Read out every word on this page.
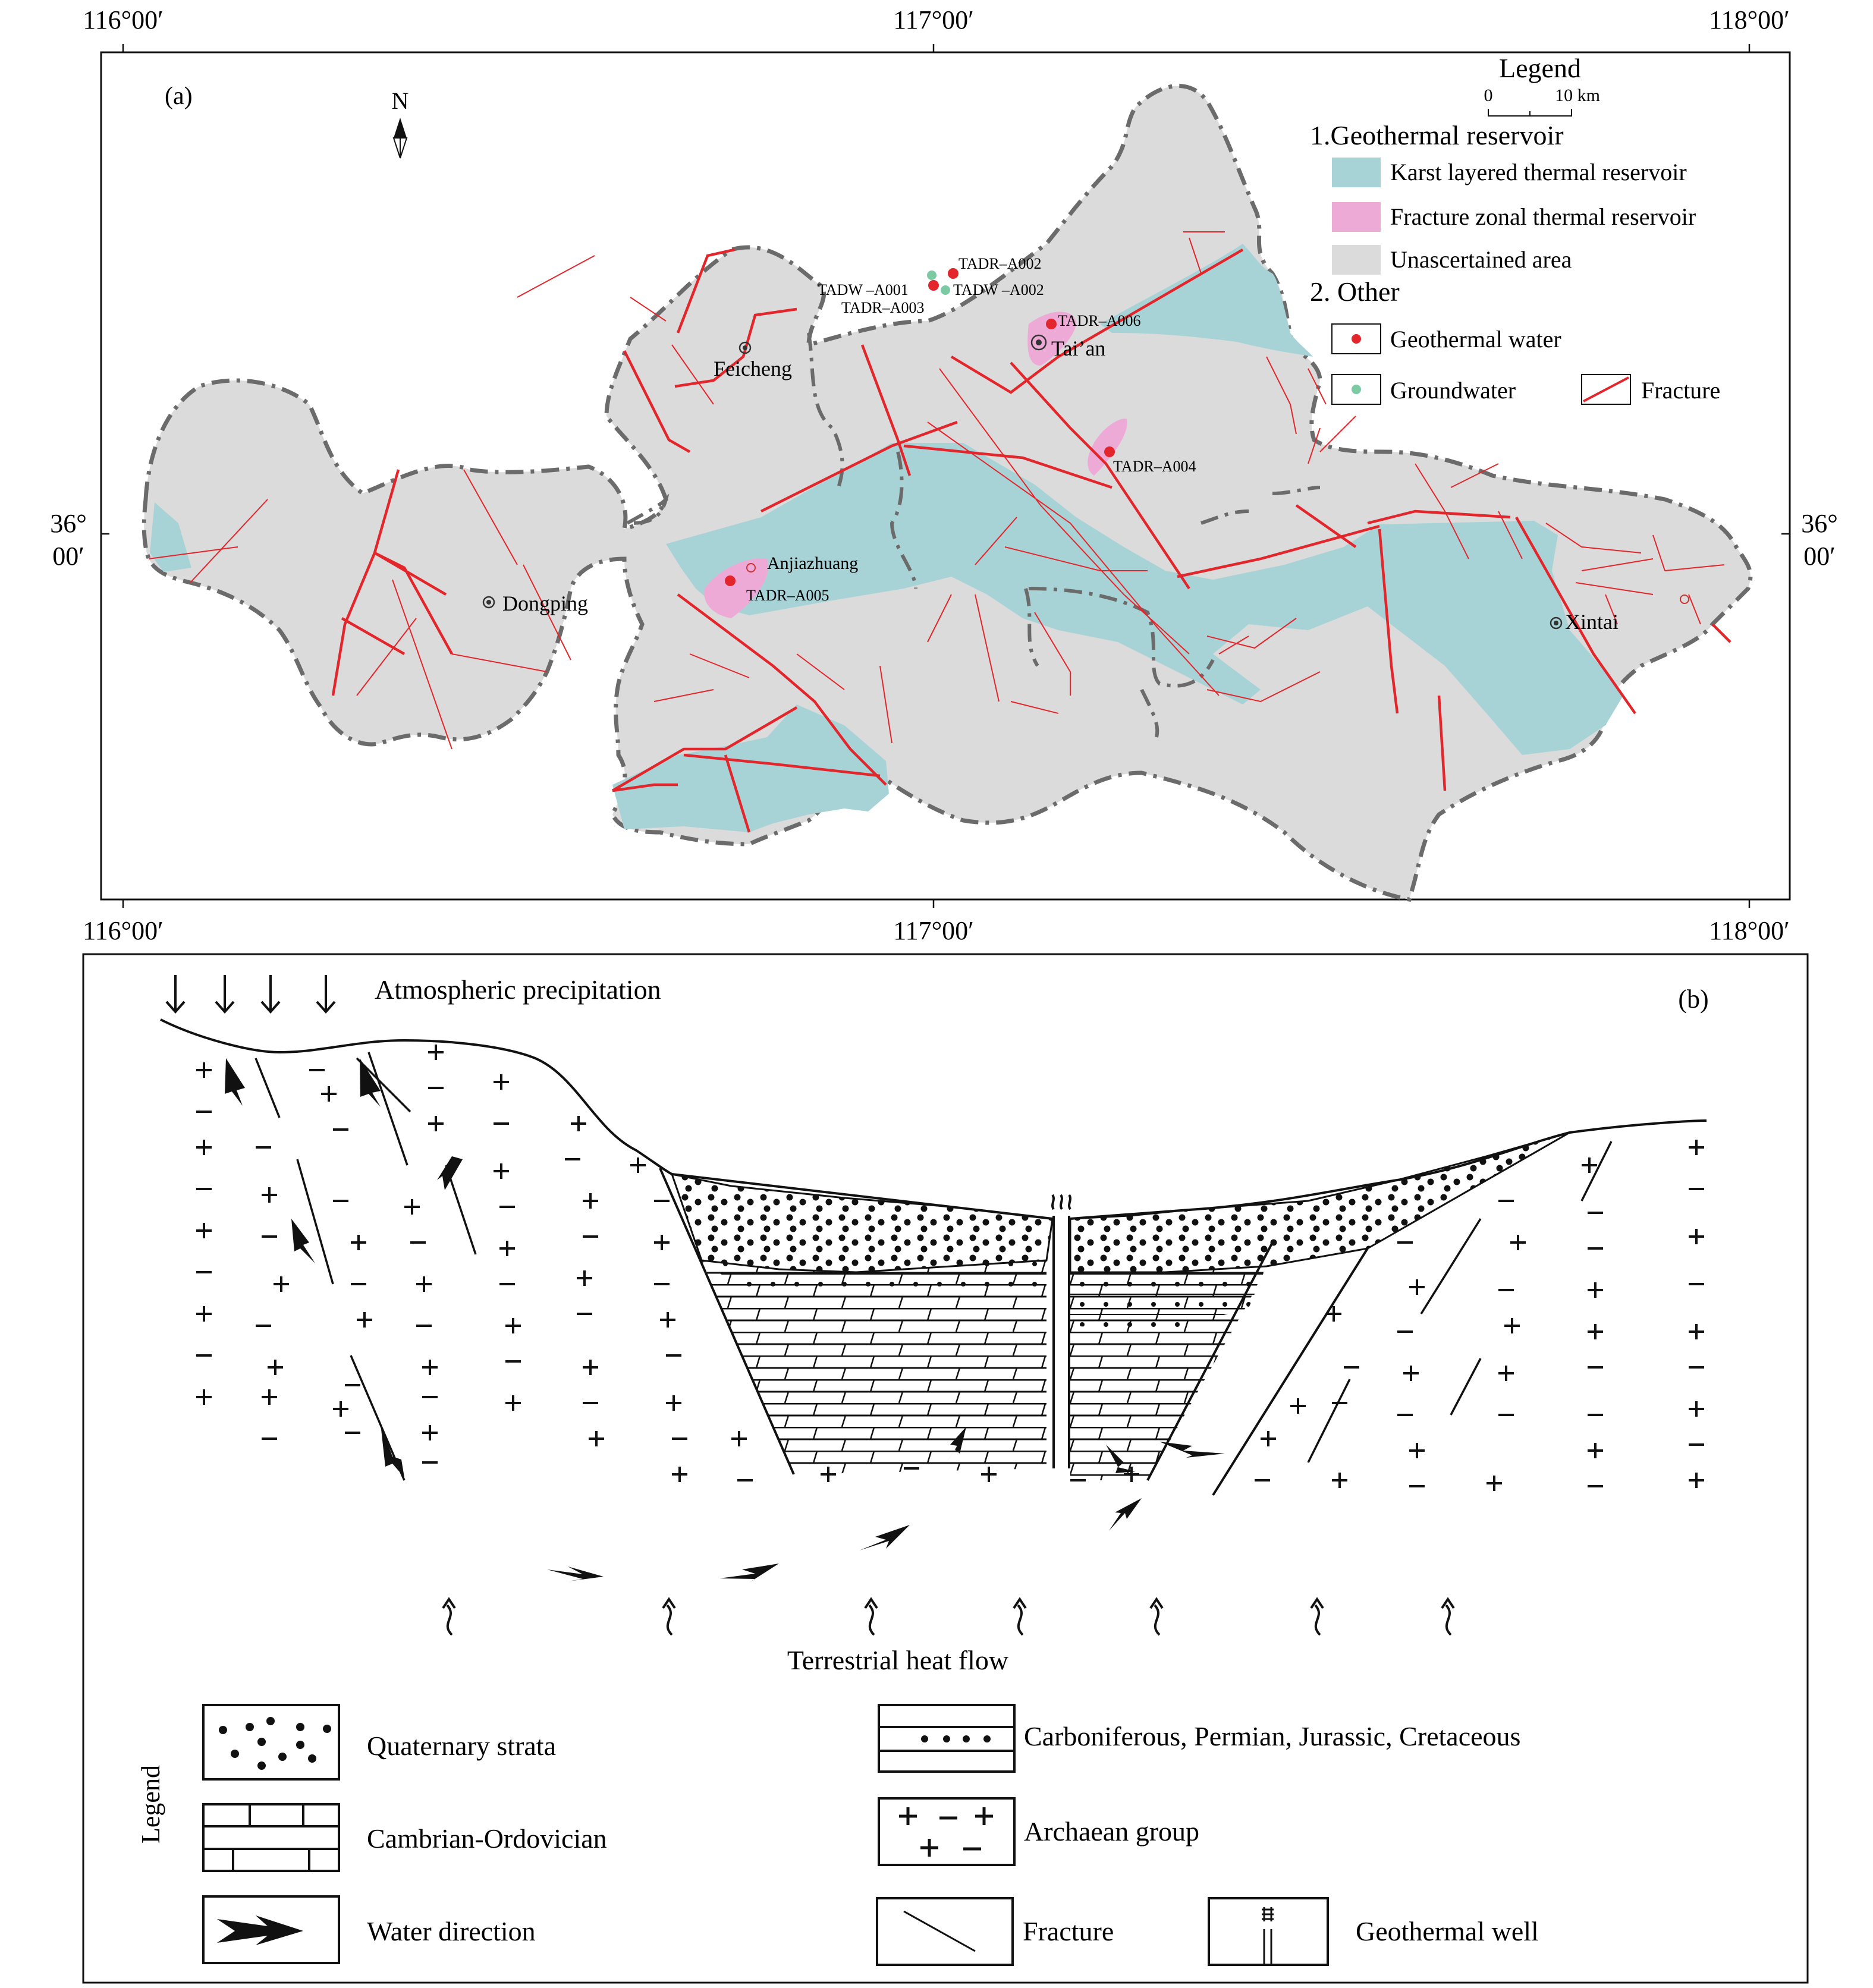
Feicheng
Tai’an
Dongping
Anjiazhuang
Xintai
TADR–A002
TADW –A001	TADW –A002
TADR–A003
TADR–A006
TADR–A004
TADR–A005
N
(a)
Legend
0	10 km
1.Geothermal reservoir
Karst layered thermal reservoir
Fracture zonal thermal reservoir
Unascertained area
2. Other
Geothermal water
Groundwater	Fracture
116°00′	117°00′	118°00′
116°00′	117°00′	118°00′
36°
00′
36°
00′
(b)
Atmospheric precipitation
Terrestrial heat flow
Legend
Quaternary strata
Cambrian-Ordovician
Water direction
Carboniferous, Permian, Jurassic, Cretaceous
Archaean group
Fracture	Geothermal well
